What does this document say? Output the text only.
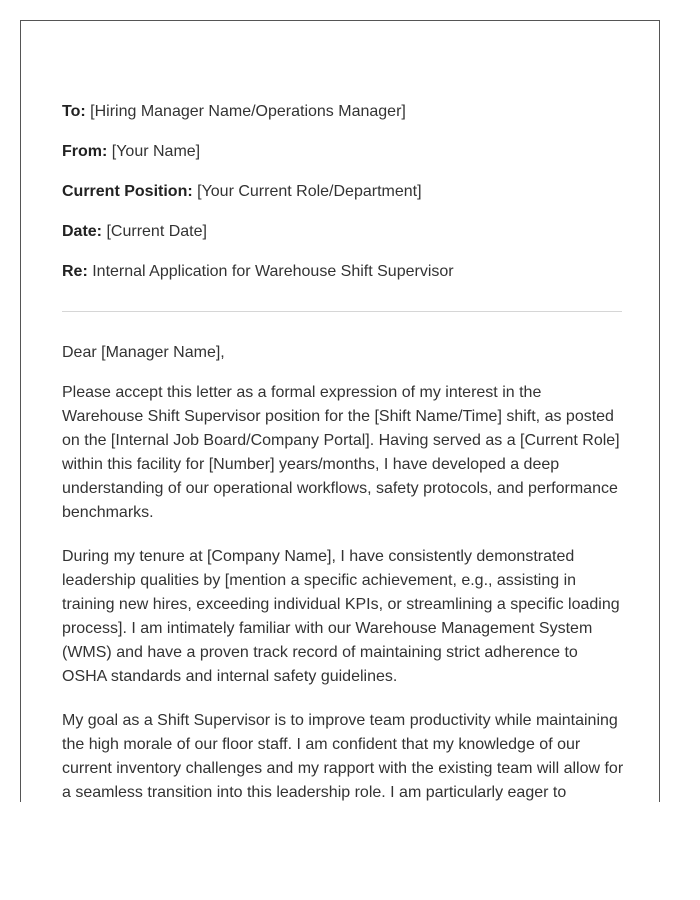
To: [Hiring Manager Name/Operations Manager]
From: [Your Name]
Current Position: [Your Current Role/Department]
Date: [Current Date]
Re: Internal Application for Warehouse Shift Supervisor

Dear [Manager Name],

Please accept this letter as a formal expression of my interest in the Warehouse Shift Supervisor position for the [Shift Name/Time] shift, as posted on the [Internal Job Board/Company Portal]. Having served as a [Current Role] within this facility for [Number] years/months, I have developed a deep understanding of our operational workflows, safety protocols, and performance benchmarks.

During my tenure at [Company Name], I have consistently demonstrated leadership qualities by [mention a specific achievement, e.g., assisting in training new hires, exceeding individual KPIs, or streamlining a specific loading process]. I am intimately familiar with our Warehouse Management System (WMS) and have a proven track record of maintaining strict adherence to OSHA standards and internal safety guidelines.

My goal as a Shift Supervisor is to improve team productivity while maintaining the high morale of our floor staff. I am confident that my knowledge of our current inventory challenges and my rapport with the existing team will allow for a seamless transition into this leadership role. I am particularly eager to
